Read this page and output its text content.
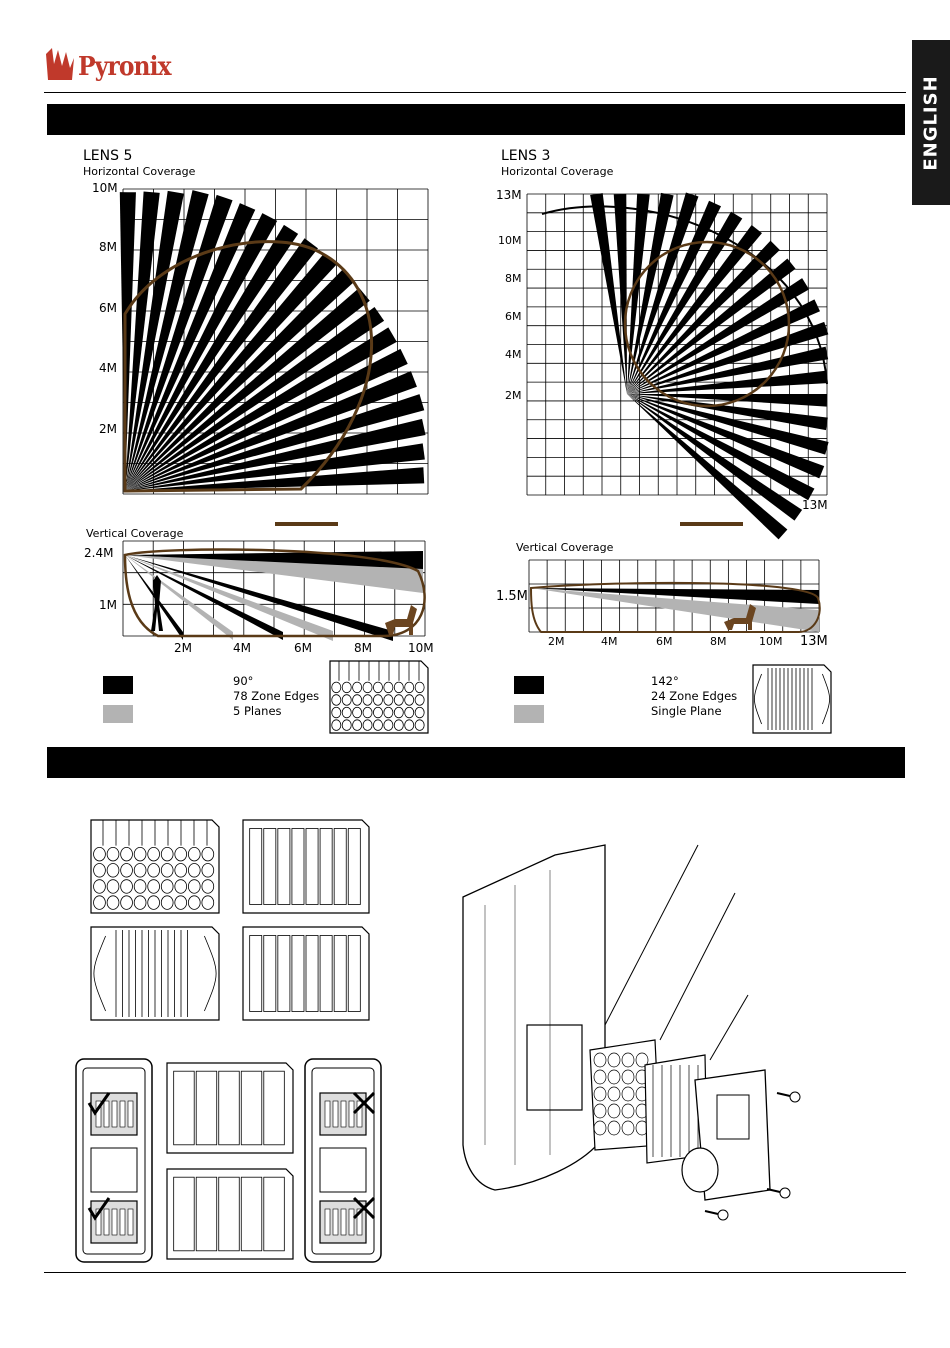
Pyronix
ENGLISH
LENS 5
Horizontal Coverage
10M
8M
6M
4M
2M
Vertical Coverage
2.4M
1M
2M	4M	6M	8M	10M
90°
78 Zone Edges
5 Planes
LENS 3
Horizontal Coverage
13M
10M
8M
6M
4M
2M
13M
Vertical Coverage
1.5M
2M	4M	6M	8M	10M 13M
142°
24 Zone Edges
Single Plane
